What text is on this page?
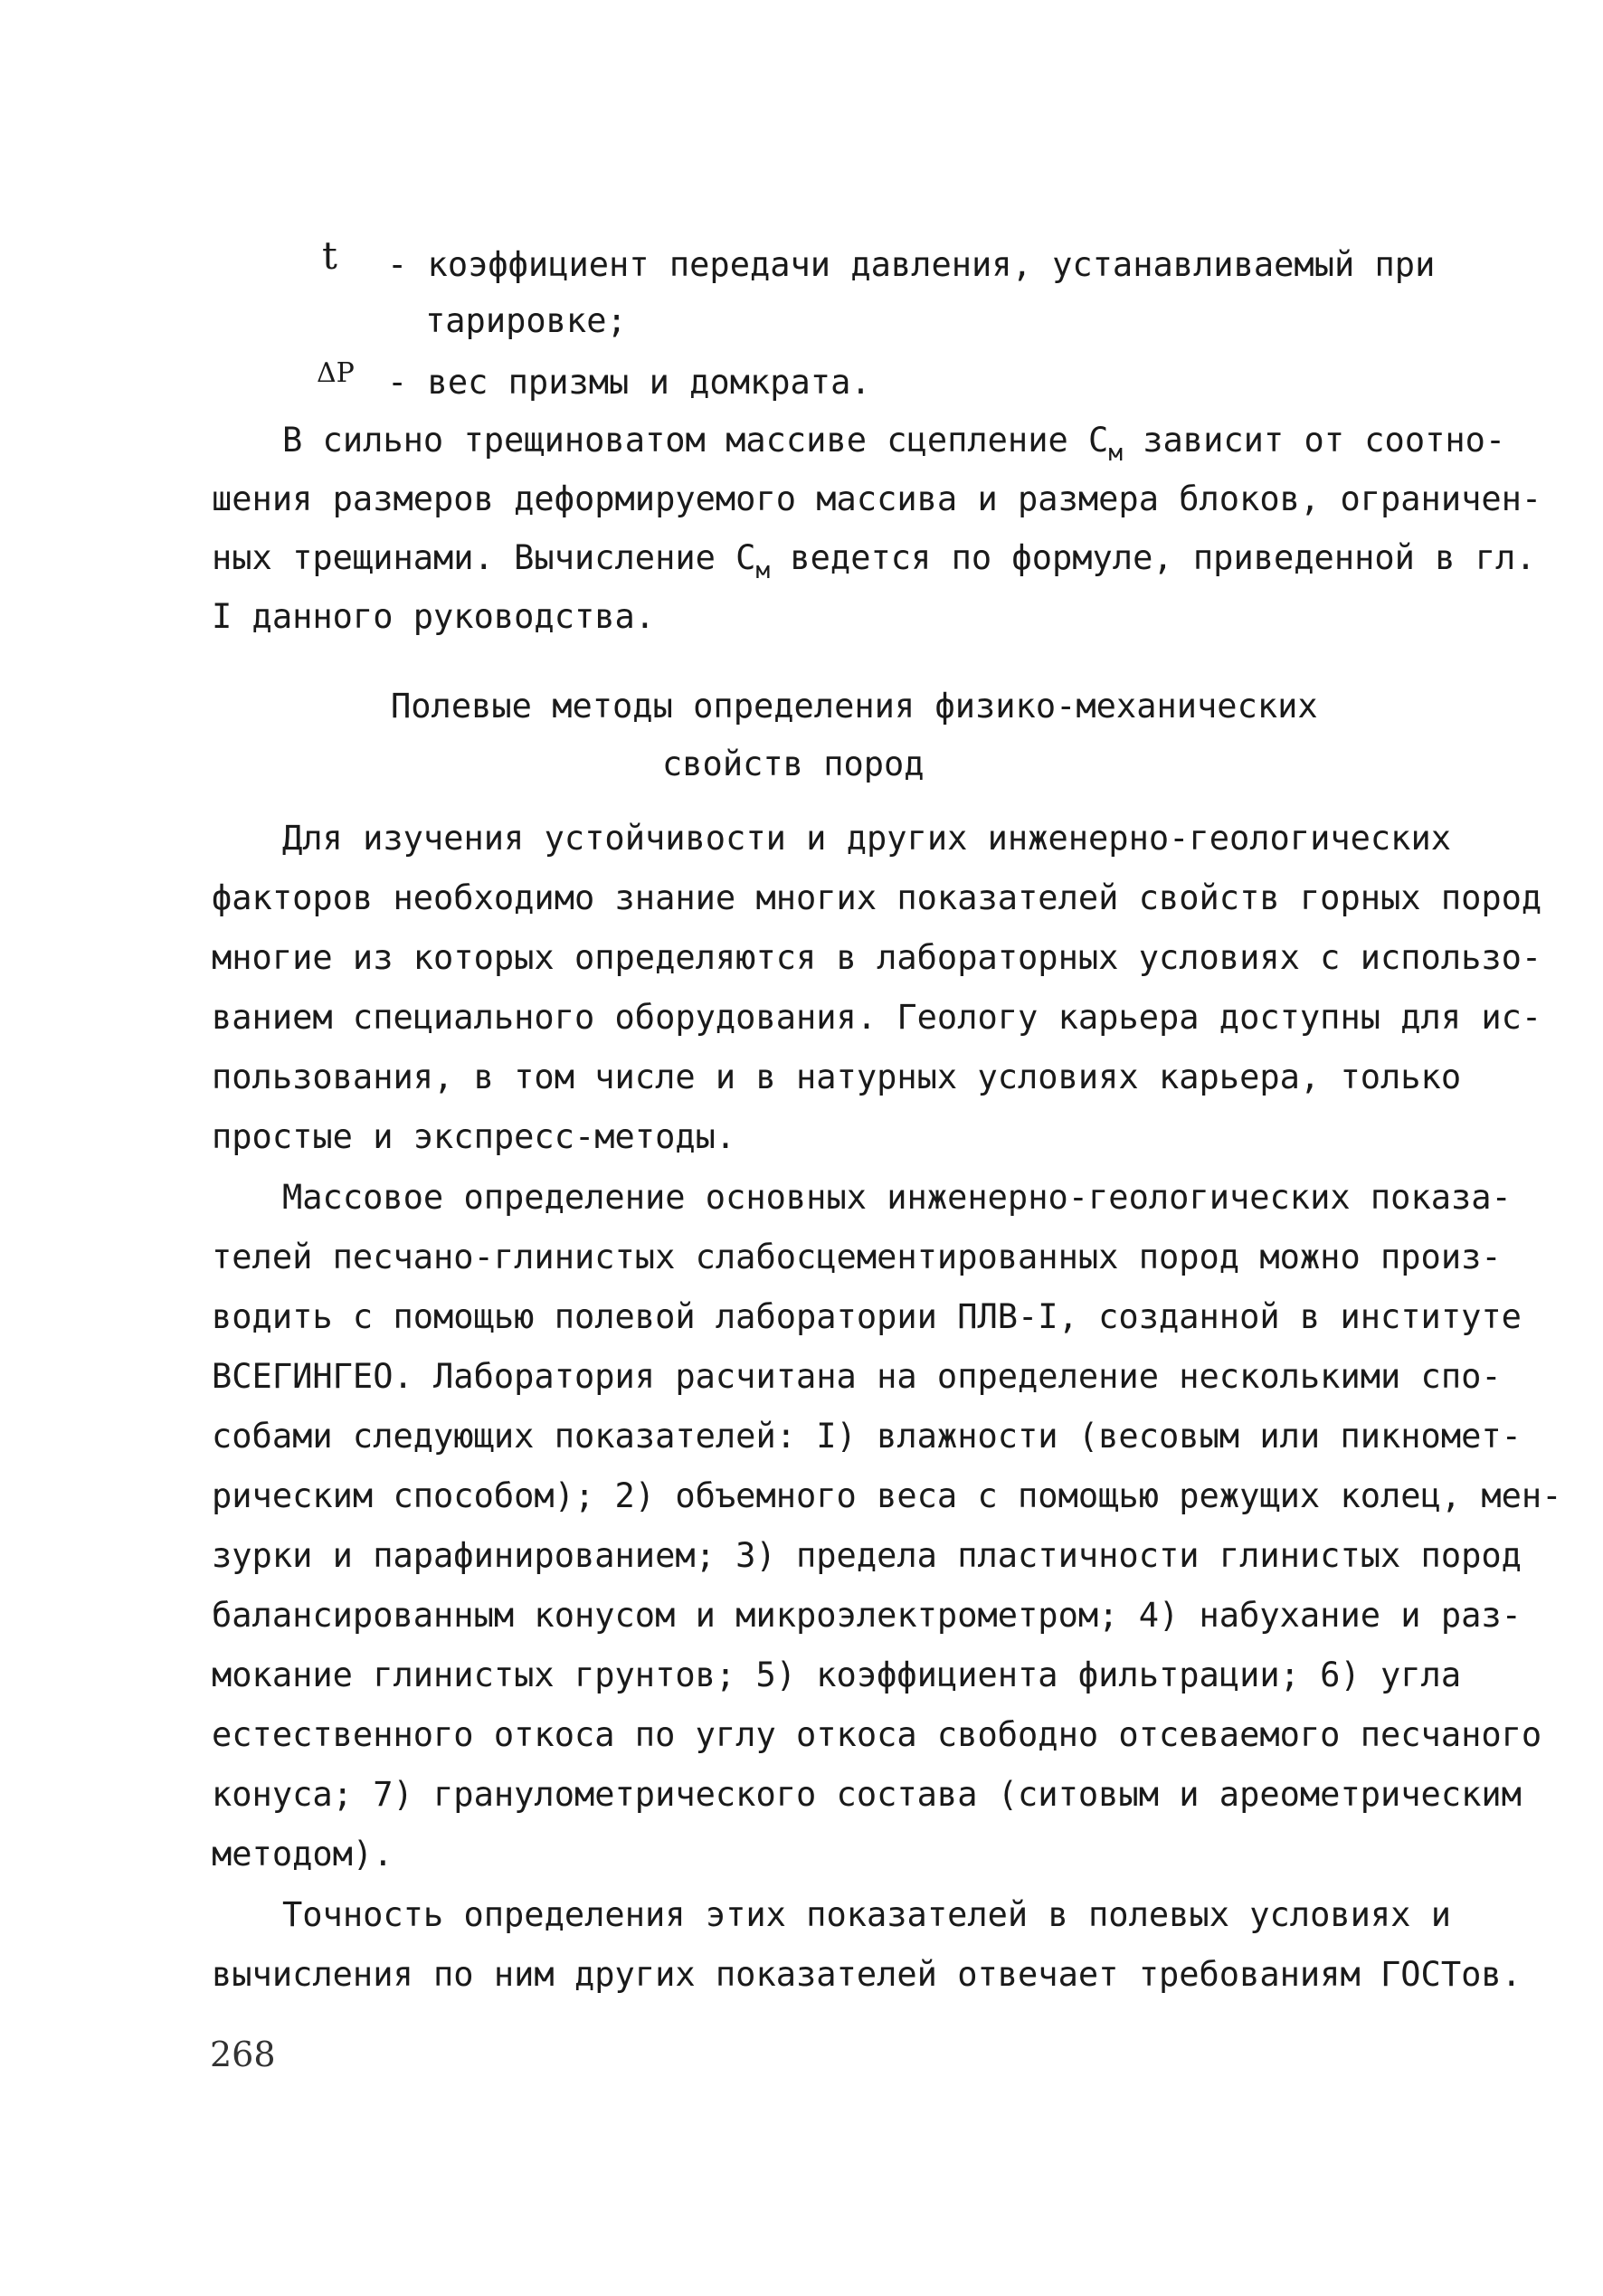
t - коэффициент передачи давления, устанавливаемый при
тарировке;
ΔP - вес призмы и домкрата.
В сильно трещиноватом массиве сцепление $С_м$ зависит от соотно-
шения размеров деформируемого массива и размера блоков, ограничен-
ных трещинами. Вычисление $С_м$ ведется по формуле, приведенной в гл.
I данного руководства.
Полевые методы определения физико-механических
свойств пород
Для изучения устойчивости и других инженерно-геологических
факторов необходимо знание многих показателей свойств горных пород
многие из которых определяются в лабораторных условиях с использо-
ванием специального оборудования. Геологу карьера доступны для ис-
пользования, в том числе и в натурных условиях карьера, только
простые и экспресс-методы.
Массовое определение основных инженерно-геологических показа-
телей песчано-глинистых слабосцементированных пород можно произ-
водить с помощью полевой лаборатории ПЛВ-I, созданной в институте
ВСЕГИНГЕО. Лаборатория расчитана на определение несколькими спо-
собами следующих показателей: I) влажности (весовым или пикномет-
рическим способом); 2) объемного веса с помощью режущих колец, мен-
зурки и парафинированием; 3) предела пластичности глинистых пород
балансированным конусом и микроэлектрометром; 4) набухание и раз-
мокание глинистых грунтов; 5) коэффициента фильтрации; 6) угла
естественного откоса по углу откоса свободно отсеваемого песчаного
конуса; 7) гранулометрического состава (ситовым и ареометрическим
методом).
Точность определения этих показателей в полевых условиях и
вычисления по ним других показателей отвечает требованиям ГОСТов.
268
